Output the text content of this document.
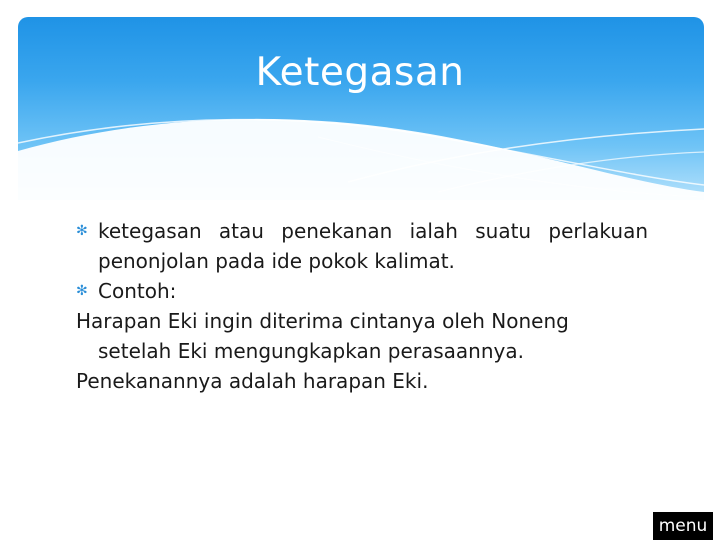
Ketegasan
✻ ketegasan atau penekanan ialah suatu perlakuan penonjolan pada ide pokok kalimat.
✻ Contoh:
Harapan Eki ingin diterima cintanya oleh Noneng setelah Eki mengungkapkan perasaannya.
Penekanannya adalah harapan Eki.
menu
